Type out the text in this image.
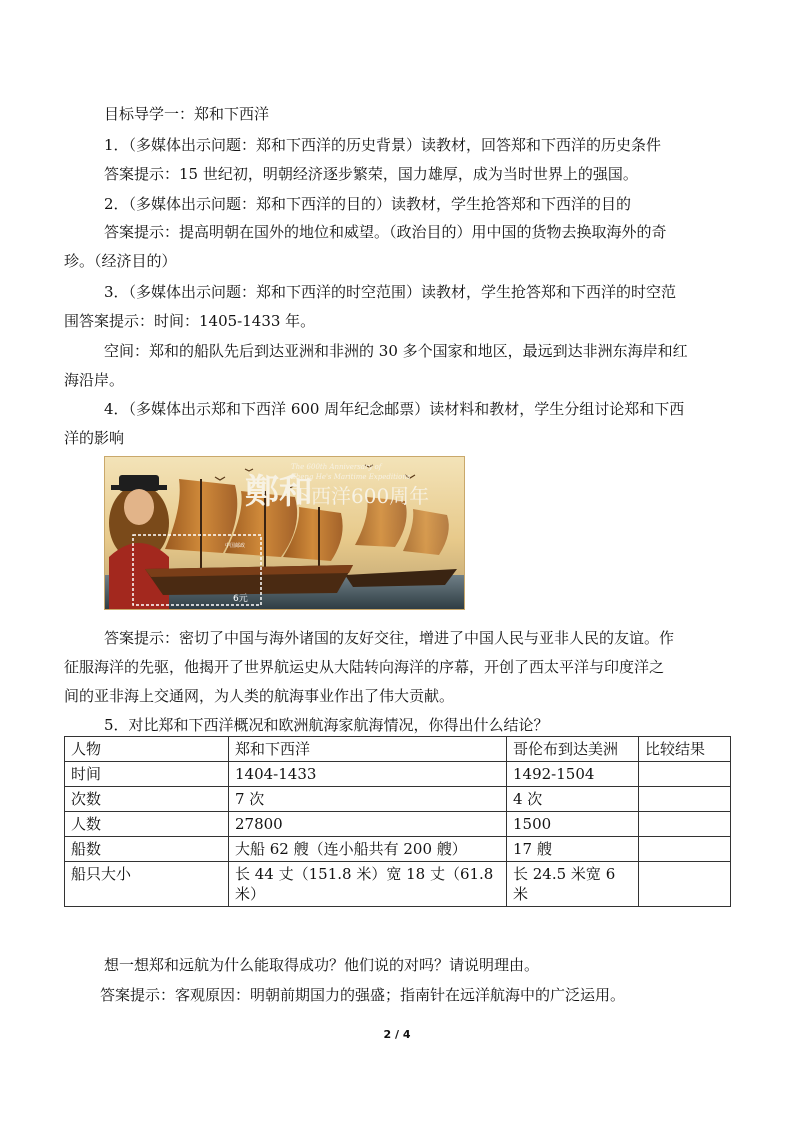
目标导学一：郑和下西洋
1．（多媒体出示问题：郑和下西洋的历史背景）读教材，回答郑和下西洋的历史条件
答案提示：15 世纪初，明朝经济逐步繁荣，国力雄厚，成为当时世界上的强国。
2．（多媒体出示问题：郑和下西洋的目的）读教材，学生抢答郑和下西洋的目的
答案提示：提高明朝在国外的地位和威望。（政治目的）用中国的货物去换取海外的奇
珍。（经济目的）
3．（多媒体出示问题：郑和下西洋的时空范围）读教材，学生抢答郑和下西洋的时空范
围答案提示：时间：1405-1433 年。
空间：郑和的船队先后到达亚洲和非洲的 30 多个国家和地区，最远到达非洲东海岸和红
海沿岸。
4．（多媒体出示郑和下西洋 600 周年纪念邮票）读材料和教材，学生分组讨论郑和下西
洋的影响
中国邮政
6元
鄭和
下西洋600周年
The 600th Anniversary of
Zheng He's Maritime Expeditions
答案提示：密切了中国与海外诸国的友好交往，增进了中国人民与亚非人民的友谊。作
征服海洋的先驱，他揭开了世界航运史从大陆转向海洋的序幕，开创了西太平洋与印度洋之
间的亚非海上交通网，为人类的航海事业作出了伟大贡献。
5．对比郑和下西洋概况和欧洲航海家航海情况，你得出什么结论？
人物	郑和下西洋	哥伦布到达美洲	比较结果
时间	1404-1433	1492-1504	
次数	7 次	4 次	
人数	27800	1500	
船数	大船 62 艘（连小船共有 200 艘）	17 艘	
船只大小	长 44 丈（151.8 米）宽 18 丈（61.8 米）	长 24.5 米宽 6 米	
想一想郑和远航为什么能取得成功？他们说的对吗？请说明理由。
答案提示：客观原因：明朝前期国力的强盛；指南针在远洋航海中的广泛运用。
2 / 4
